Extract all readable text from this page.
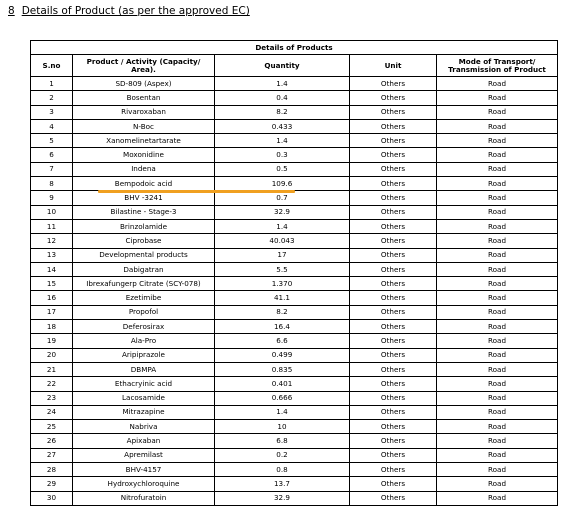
8 Details of Product (as per the approved EC)
Details of Products				
S.no	Product / Activity (Capacity/ Area).	Quantity	Unit	Mode of Transport/ Transmission of Product
1	SD-809 (Aspex)	1.4	Others	Road
2	Bosentan	0.4	Others	Road
3	Rivaroxaban	8.2	Others	Road
4	N-Boc	0.433	Others	Road
5	Xanomelinetartarate	1.4	Others	Road
6	Moxonidine	0.3	Others	Road
7	Indena	0.5	Others	Road
8	Bempodoic acid	109.6	Others	Road
9	BHV -3241	0.7	Others	Road
10	Bilastine - Stage-3	32.9	Others	Road
11	Brinzolamide	1.4	Others	Road
12	Ciprobase	40.043	Others	Road
13	Developmental products	17	Others	Road
14	Dabigatran	5.5	Others	Road
15	Ibrexafungerp Citrate (SCY-078)	1.370	Others	Road
16	Ezetimibe	41.1	Others	Road
17	Propofol	8.2	Others	Road
18	Deferosirax	16.4	Others	Road
19	Ala-Pro	6.6	Others	Road
20	Aripiprazole	0.499	Others	Road
21	DBMPA	0.835	Others	Road
22	Ethacryinic acid	0.401	Others	Road
23	Lacosamide	0.666	Others	Road
24	Mitrazapine	1.4	Others	Road
25	Nabriva	10	Others	Road
26	Apixaban	6.8	Others	Road
27	Apremilast	0.2	Others	Road
28	BHV-4157	0.8	Others	Road
29	Hydroxychloroquine	13.7	Others	Road
30	Nitrofuratoin	32.9	Others	Road
